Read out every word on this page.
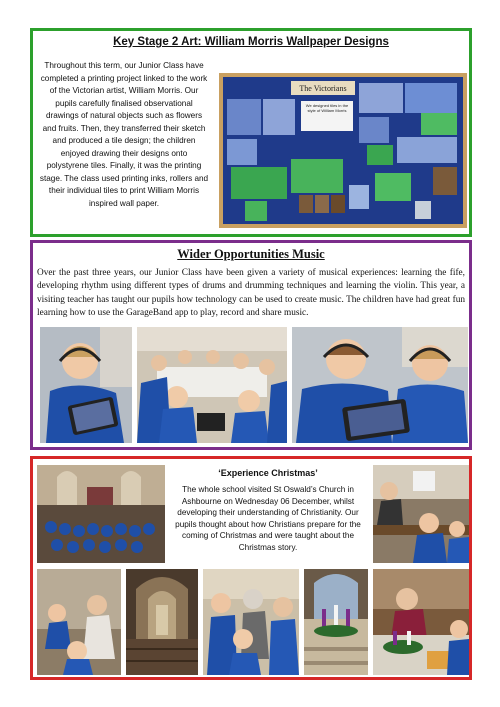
Key Stage 2 Art: William Morris Wallpaper Designs
Throughout this term, our Junior Class have completed a printing project linked to the work of the Victorian artist, William Morris. Our pupils carefully finalised observational drawings of natural objects such as flowers and fruits. Then, they transferred their sketch and produced a tile design; the children enjoyed drawing their designs onto polystyrene tiles. Finally, it was the printing stage. The class used printing inks, rollers and their individual tiles to print William Morris inspired wall paper.
The Victorians
We designed tiles in the style of William Morris
Wider Opportunities Music
Over the past three years, our Junior Class have been given a variety of musical experiences: learning the fife, developing rhythm using different types of drums and drumming techniques and learning the violin. This year, a visiting teacher has taught our pupils how technology can be used to create music. The children have had great fun learning how to use the GarageBand app to play, record and share music.
‘Experience Christmas’
The whole school visited St Oswald’s Church in Ashbourne on Wednesday 06 December, whilst developing their understanding of Christianity. Our pupils thought about how Christians prepare for the coming of Christmas and were taught about the Christmas story.
